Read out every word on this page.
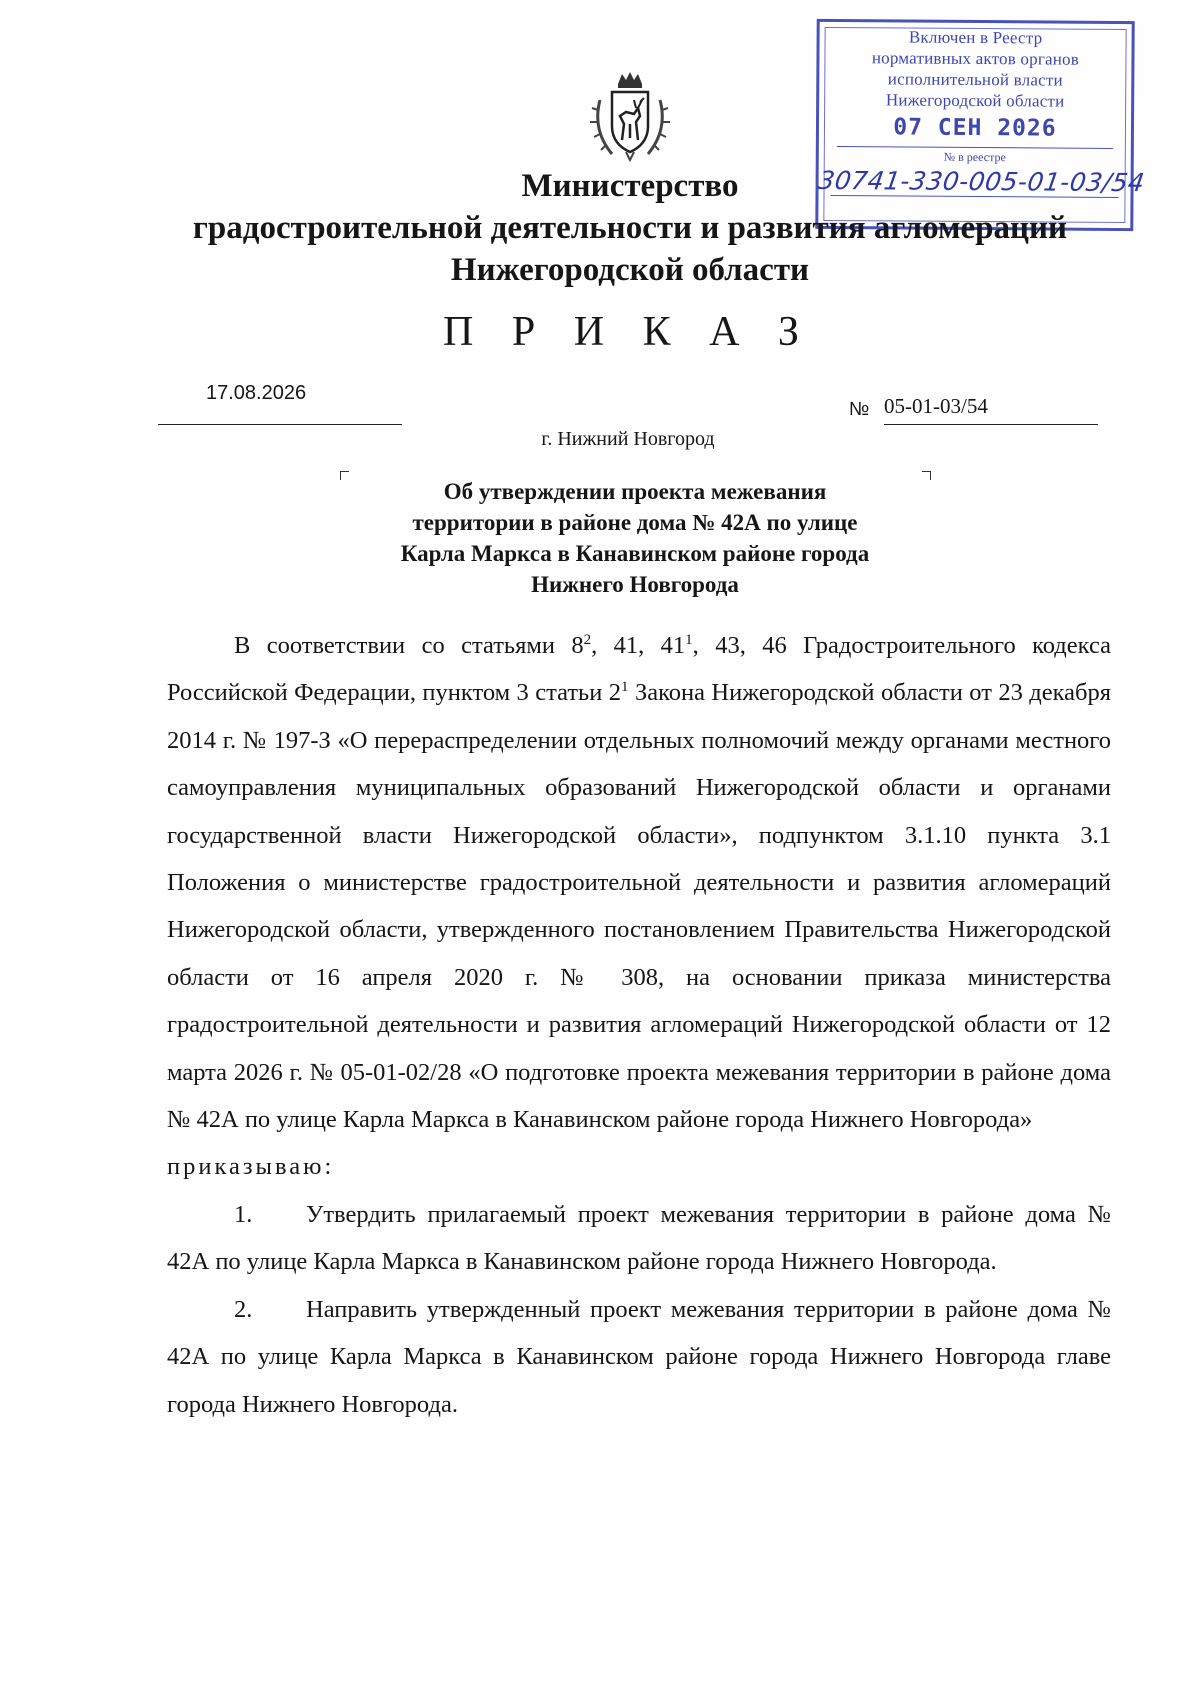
Включен в Реестр
нормативных актов органов
исполнительной власти
Нижегородской области
07 СЕН 2026
№ в реестре
30741-330-005-01-03/54
Министерство
градостроительной деятельности и развития агломераций
Нижегородской области
П Р И К А З
17.08.2026
№ 05-01-03/54
г. Нижний Новгород
Об утверждении проекта межевания
территории в районе дома № 42А по улице
Карла Маркса в Канавинском районе города
Нижнего Новгорода

В соответствии со статьями $8^2$, 41, $41^1$, 43, 46 Градостроительного кодекса Российской Федерации, пунктом 3 статьи $2^1$ Закона Нижегородской области от 23 декабря 2014 г. № 197-З «О перераспределении отдельных полномочий между органами местного самоуправления муниципальных образований Нижегородской области и органами государственной власти Нижегородской области», подпунктом 3.1.10 пункта 3.1 Положения о министерстве градостроительной деятельности и развития агломераций Нижегородской области, утвержденного постановлением Правительства Нижегородской области от 16 апреля 2020 г. № 308, на основании приказа министерства градостроительной деятельности и развития агломераций Нижегородской области от 12 марта 2026 г. № 05-01-02/28 «О подготовке проекта межевания территории в районе дома № 42А по улице Карла Маркса в Канавинском районе города Нижнего Новгорода»

приказываю:

1. Утвердить прилагаемый проект межевания территории в районе дома № 42А по улице Карла Маркса в Канавинском районе города Нижнего Новгорода.

2. Направить утвержденный проект межевания территории в районе дома № 42А по улице Карла Маркса в Канавинском районе города Нижнего Новгорода главе города Нижнего Новгорода.
